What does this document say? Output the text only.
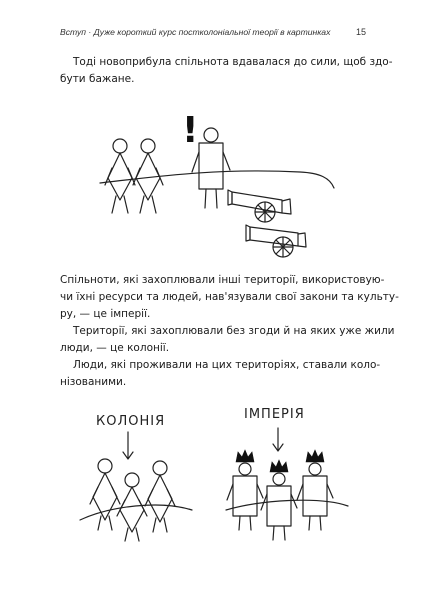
Вступ · Дуже короткий курс постколоніальної теорії в картинках	15
Тоді новоприбула спільнота вдавалася до сили, щоб здо-
бути бажане.
!
Спільноти, які захоплювали інші території, використовую-
чи їхні ресурси та людей, нав'язували свої закони та культу-
ру, — це імперії.
Території, які захоплювали без згоди й на яких уже жили
люди, — це колонії.
Люди, які проживали на цих територіях, ставали коло-
нізованими.
КОЛОНІЯ	ІМПЕРІЯ
